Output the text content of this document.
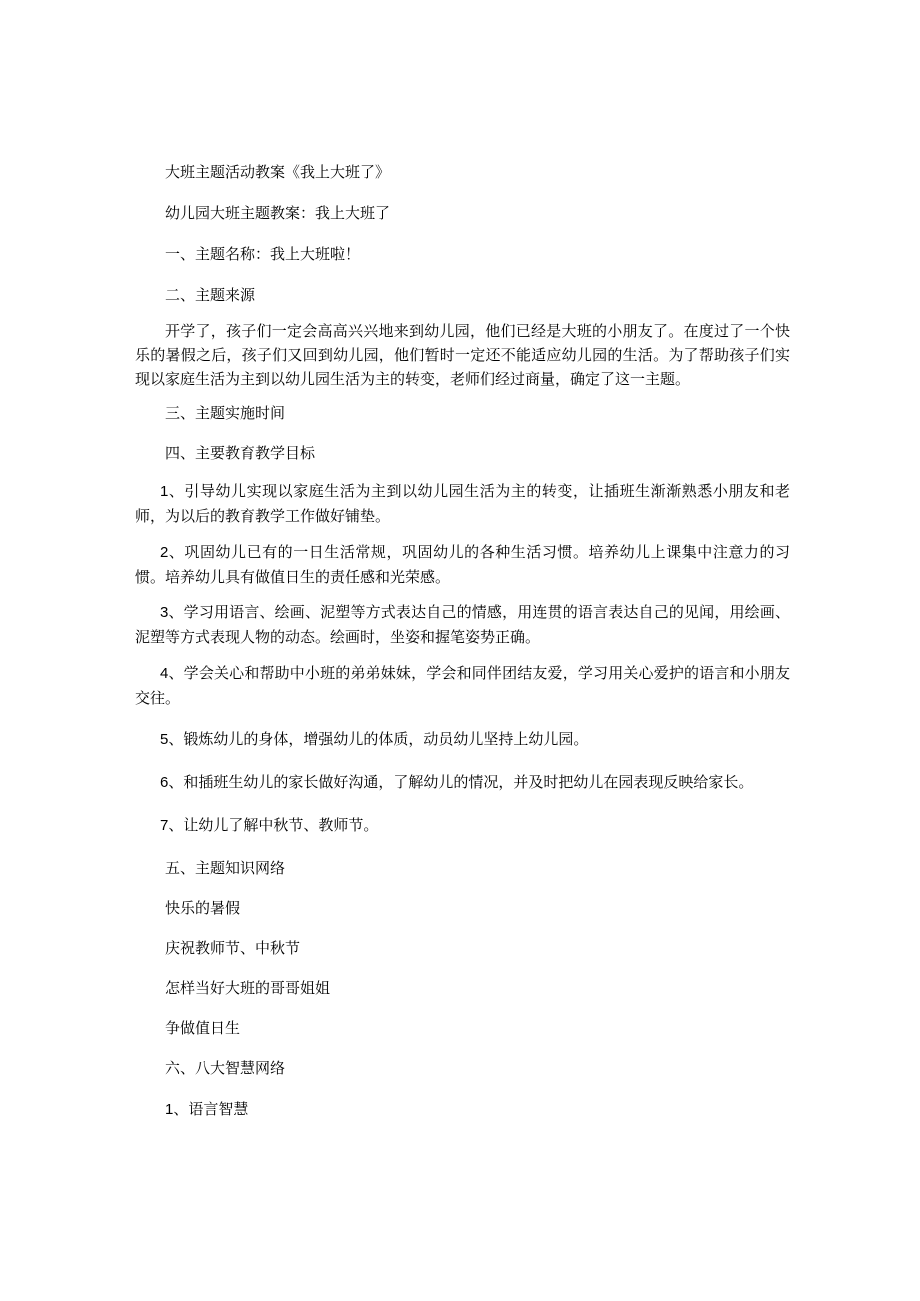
大班主题活动教案《我上大班了》
幼儿园大班主题教案：我上大班了
一、主题名称：我上大班啦！
二、主题来源
开学了，孩子们一定会高高兴兴地来到幼儿园，他们已经是大班的小朋友了。在度过了一个快乐的暑假之后，孩子们又回到幼儿园，他们暂时一定还不能适应幼儿园的生活。为了帮助孩子们实现以家庭生活为主到以幼儿园生活为主的转变，老师们经过商量，确定了这一主题。
三、主题实施时间
四、主要教育教学目标
1、引导幼儿实现以家庭生活为主到以幼儿园生活为主的转变，让插班生渐渐熟悉小朋友和老师，为以后的教育教学工作做好铺垫。
2、巩固幼儿已有的一日生活常规，巩固幼儿的各种生活习惯。培养幼儿上课集中注意力的习惯。培养幼儿具有做值日生的责任感和光荣感。
3、学习用语言、绘画、泥塑等方式表达自己的情感，用连贯的语言表达自己的见闻，用绘画、泥塑等方式表现人物的动态。绘画时，坐姿和握笔姿势正确。
4、学会关心和帮助中小班的弟弟妹妹，学会和同伴团结友爱，学习用关心爱护的语言和小朋友交往。
5、锻炼幼儿的身体，增强幼儿的体质，动员幼儿坚持上幼儿园。
6、和插班生幼儿的家长做好沟通，了解幼儿的情况，并及时把幼儿在园表现反映给家长。
7、让幼儿了解中秋节、教师节。
五、主题知识网络
快乐的暑假
庆祝教师节、中秋节
怎样当好大班的哥哥姐姐
争做值日生
六、八大智慧网络
1、语言智慧
